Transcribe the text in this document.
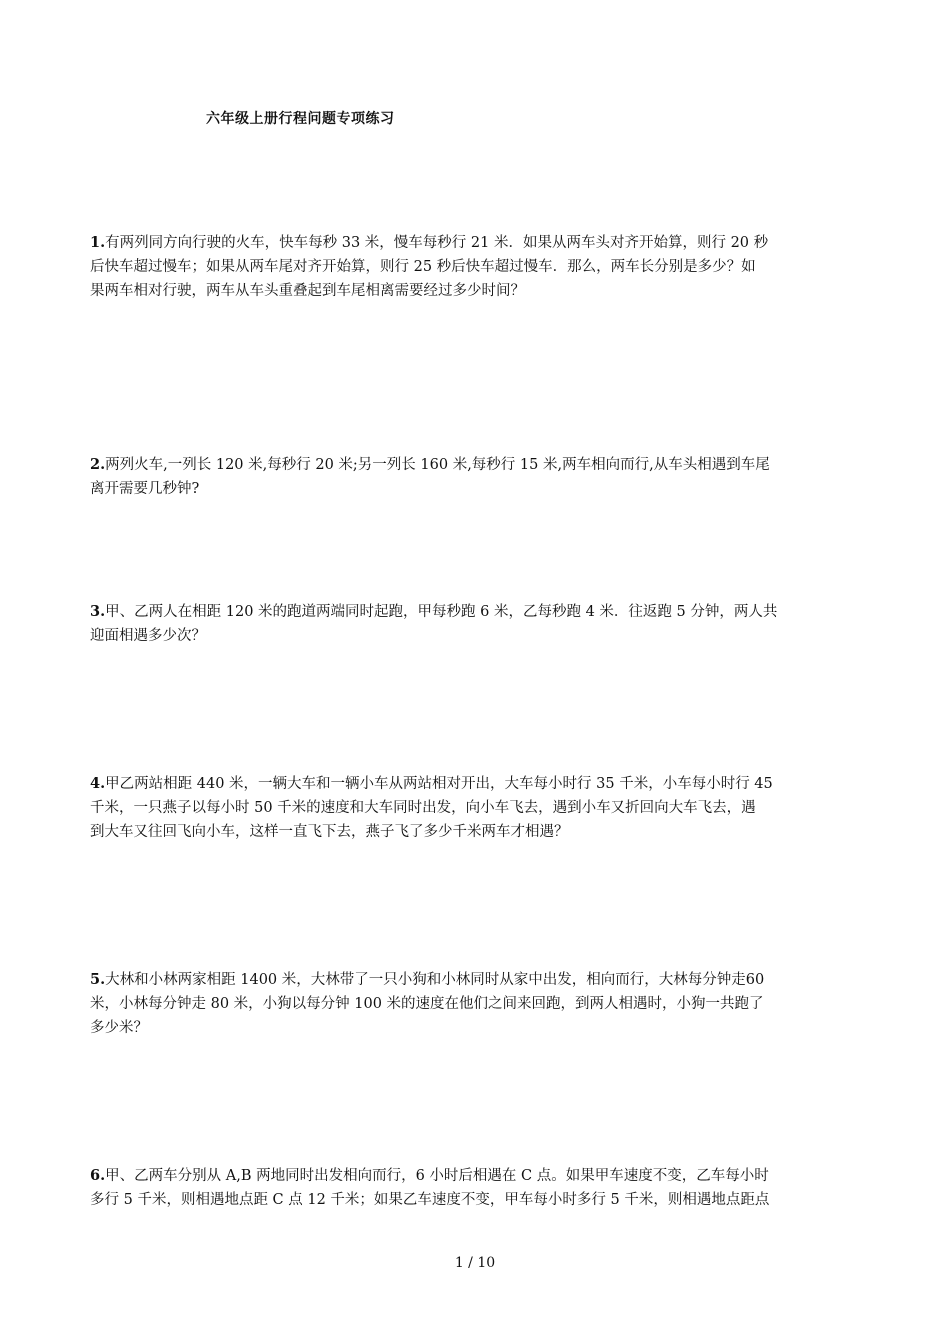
六年级上册行程问题专项练习
1.有两列同方向行驶的火车，快车每秒 33 米，慢车每秒行 21 米．如果从两车头对齐开始算，则行 20 秒
后快车超过慢车；如果从两车尾对齐开始算，则行 25 秒后快车超过慢车．那么，两车长分别是多少？如
果两车相对行驶，两车从车头重叠起到车尾相离需要经过多少时间？
2.两列火车,一列长 120 米,每秒行 20 米;另一列长 160 米,每秒行 15 米,两车相向而行,从车头相遇到车尾
离开需要几秒钟?
3.甲、乙两人在相距 120 米的跑道两端同时起跑，甲每秒跑 6 米，乙每秒跑 4 米．往返跑 5 分钟，两人共
迎面相遇多少次？
4.甲乙两站相距 440 米，一辆大车和一辆小车从两站相对开出，大车每小时行 35 千米，小车每小时行 45
千米，一只燕子以每小时 50 千米的速度和大车同时出发，向小车飞去，遇到小车又折回向大车飞去，遇
到大车又往回飞向小车，这样一直飞下去，燕子飞了多少千米两车才相遇？
5.大林和小林两家相距 1400 米，大林带了一只小狗和小林同时从家中出发，相向而行，大林每分钟走60
米，小林每分钟走 80 米，小狗以每分钟 100 米的速度在他们之间来回跑，到两人相遇时，小狗一共跑了
多少米？
6.甲、乙两车分别从 A,B 两地同时出发相向而行，6 小时后相遇在 C 点。如果甲车速度不变，乙车每小时
多行 5 千米，则相遇地点距 C 点 12 千米；如果乙车速度不变，甲车每小时多行 5 千米，则相遇地点距点
1 / 10
